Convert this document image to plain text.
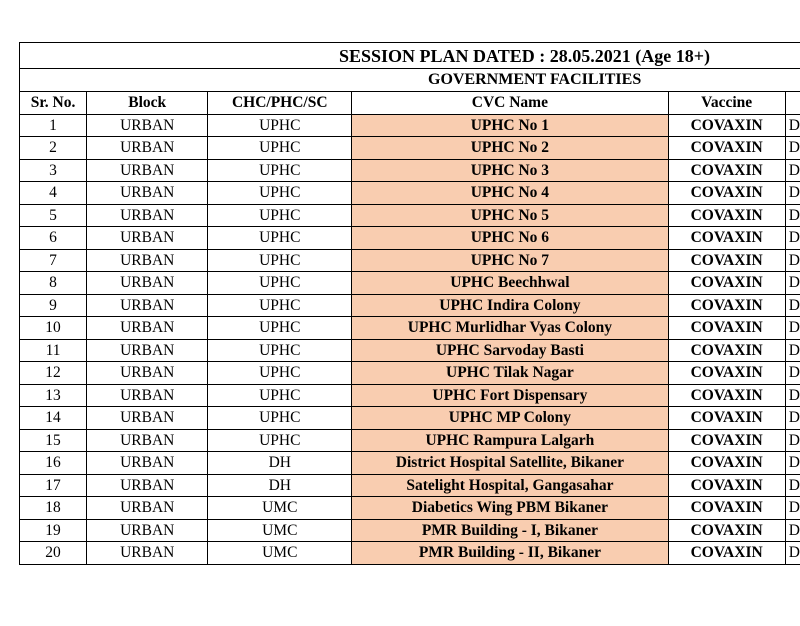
SESSION PLAN DATED : 28.05.2021 (Age 18+)					
GOVERNMENT FACILITIES					
Sr. No.	Block	CHC/PHC/SC	CVC Name	Vaccine	
1	URBAN	UPHC	UPHC No 1	COVAXIN	D
2	URBAN	UPHC	UPHC No 2	COVAXIN	D
3	URBAN	UPHC	UPHC No 3	COVAXIN	D
4	URBAN	UPHC	UPHC No 4	COVAXIN	D
5	URBAN	UPHC	UPHC No 5	COVAXIN	D
6	URBAN	UPHC	UPHC No 6	COVAXIN	D
7	URBAN	UPHC	UPHC No 7	COVAXIN	D
8	URBAN	UPHC	UPHC Beechhwal	COVAXIN	D
9	URBAN	UPHC	UPHC Indira Colony	COVAXIN	D
10	URBAN	UPHC	UPHC Murlidhar Vyas Colony	COVAXIN	D
11	URBAN	UPHC	UPHC Sarvoday Basti	COVAXIN	D
12	URBAN	UPHC	UPHC Tilak Nagar	COVAXIN	D
13	URBAN	UPHC	UPHC Fort Dispensary	COVAXIN	D
14	URBAN	UPHC	UPHC MP Colony	COVAXIN	D
15	URBAN	UPHC	UPHC Rampura Lalgarh	COVAXIN	D
16	URBAN	DH	District Hospital Satellite, Bikaner	COVAXIN	D
17	URBAN	DH	Satelight Hospital, Gangasahar	COVAXIN	D
18	URBAN	UMC	Diabetics Wing PBM Bikaner	COVAXIN	D
19	URBAN	UMC	PMR Building - I, Bikaner	COVAXIN	D
20	URBAN	UMC	PMR Building - II, Bikaner	COVAXIN	D
